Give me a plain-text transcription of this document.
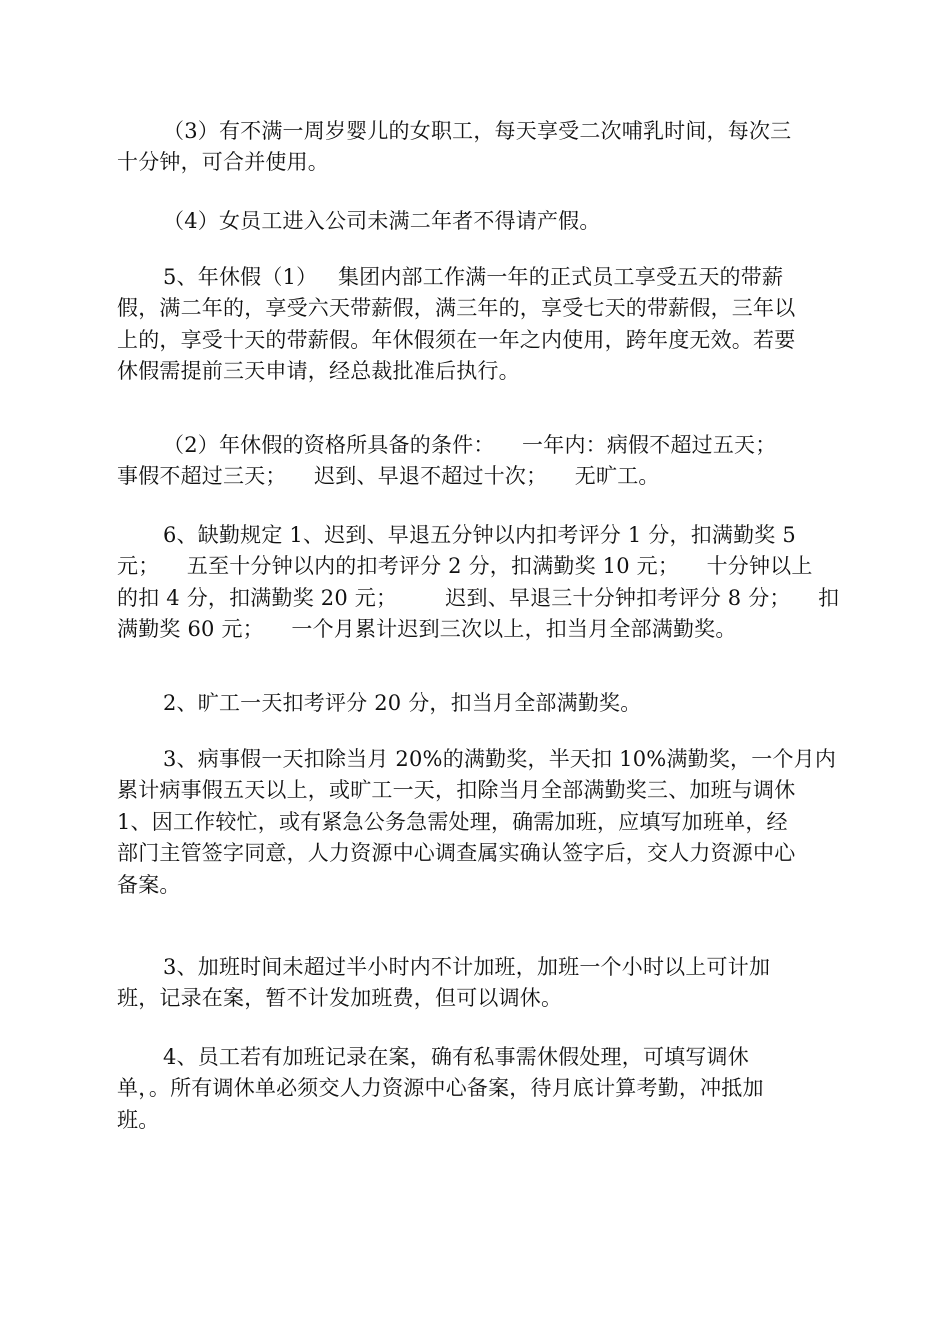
（3）有不满一周岁婴儿的女职工，每天享受二次哺乳时间，每次三
十分钟，可合并使用。
（4）女员工进入公司未满二年者不得请产假。
5、年休假（1）   集团内部工作满一年的正式员工享受五天的带薪
假，满二年的，享受六天带薪假，满三年的，享受七天的带薪假，三年以
上的，享受十天的带薪假。年休假须在一年之内使用，跨年度无效。若要
休假需提前三天申请，经总裁批准后执行。
（2）年休假的资格所具备的条件：    一年内：病假不超过五天；
事假不超过三天；    迟到、早退不超过十次；    无旷工。
6、缺勤规定 1、迟到、早退五分钟以内扣考评分 1 分，扣满勤奖 5
元；    五至十分钟以内的扣考评分 2 分，扣满勤奖 10 元；    十分钟以上
的扣 4 分，扣满勤奖 20 元；       迟到、早退三十分钟扣考评分 8 分；    扣
满勤奖 60 元；    一个月累计迟到三次以上，扣当月全部满勤奖。
2、旷工一天扣考评分 20 分，扣当月全部满勤奖。
3、病事假一天扣除当月 20%的满勤奖，半天扣 10%满勤奖，一个月内
累计病事假五天以上，或旷工一天，扣除当月全部满勤奖三、加班与调休
1、因工作较忙，或有紧急公务急需处理，确需加班，应填写加班单，经
部门主管签字同意，人力资源中心调查属实确认签字后，交人力资源中心
备案。
3、加班时间未超过半小时内不计加班，加班一个小时以上可计加
班，记录在案，暂不计发加班费，但可以调休。
4、员工若有加班记录在案，确有私事需休假处理，可填写调休
单，。所有调休单必须交人力资源中心备案，待月底计算考勤，冲抵加
班。
